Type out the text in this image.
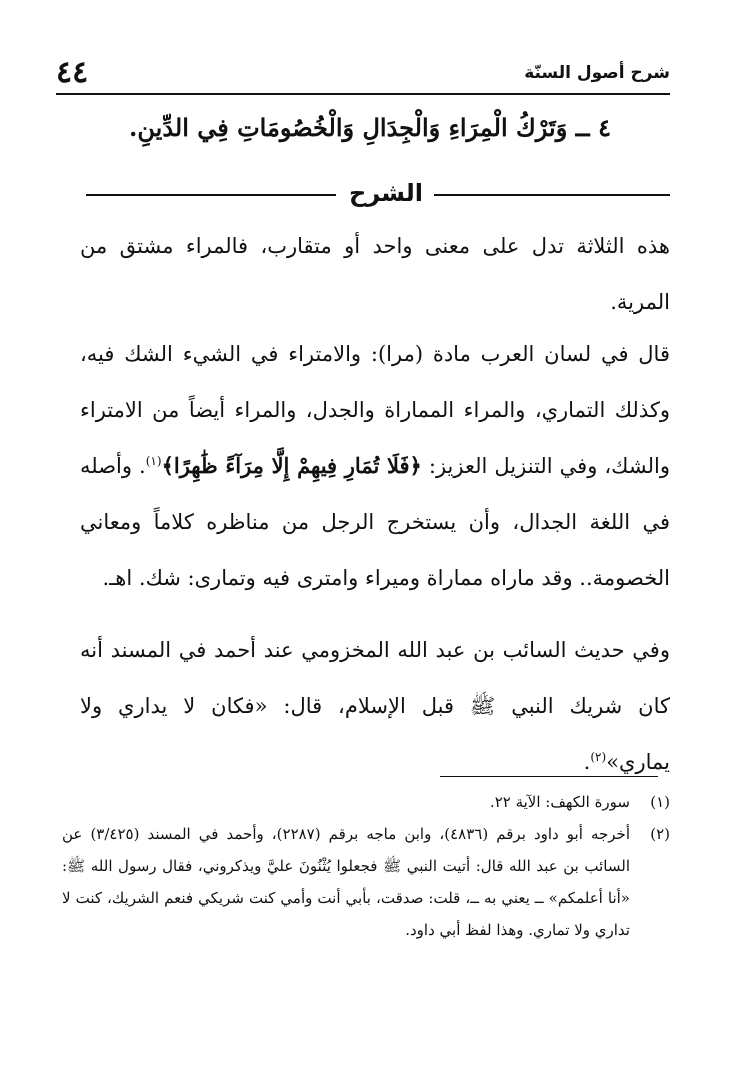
٤٤	شرح أصول السنّة
٤ ــ وَتَرْكُ الْمِرَاءِ وَالْجِدَالِ وَالْخُصُومَاتِ فِي الدِّينِ.
الشرح
هذه الثلاثة تدل على معنى واحد أو متقارب، فالمراء مشتق من المرية.
قال في لسان العرب مادة (مرا): والامتراء في الشيء الشك فيه، وكذلك التماري، والمراء المماراة والجدل، والمراء أيضاً من الامتراء والشك، وفي التنزيل العزيز: ﴿فَلَا تُمَارِ فِيهِمْ إِلَّا مِرَآءً ظَٰهِرًا﴾$^{(١)}$. وأصله في اللغة الجدال، وأن يستخرج الرجل من مناظره كلاماً ومعاني الخصومة.. وقد ماراه مماراة وميراء وامترى فيه وتمارى: شك. اهـ.
وفي حديث السائب بن عبد الله المخزومي عند أحمد في المسند أنه كان شريك النبي ﷺ قبل الإسلام، قال: «فكان لا يداري ولا يماري»$^{(٢)}$.
(١)
سورة الكهف: الآية ٢٢.
(٢)
أخرجه أبو داود برقم (٤٨٣٦)، وابن ماجه برقم (٢٢٨٧)، وأحمد في المسند (٣/٤٢٥) عن السائب بن عبد الله قال: أتيت النبي ﷺ فجعلوا يُثْنُونَ عليَّ ويذكروني، فقال رسول الله ﷺ: «أنا أعلمكم» ــ يعني به ــ، قلت: صدقت، بأبي أنت وأمي كنت شريكي فنعم الشريك، كنت لا تداري ولا تماري. وهذا لفظ أبي داود.
